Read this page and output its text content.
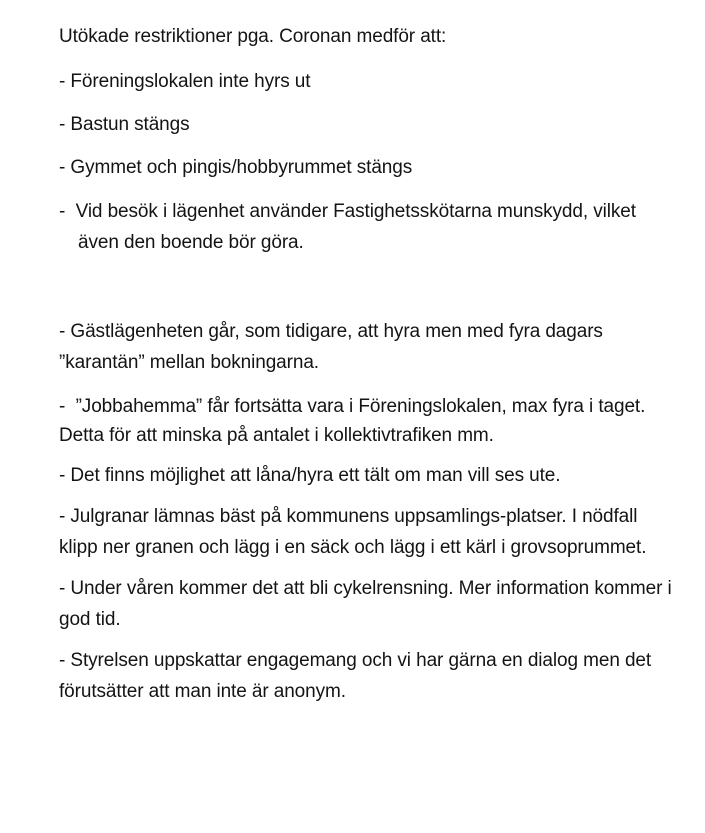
Utökade restriktioner pga. Coronan medför att:

- Föreningslokalen inte hyrs ut

- Bastun stängs

- Gymmet och pingis/hobbyrummet stängs

-  Vid besök i lägenhet använder Fastighetsskötarna munskydd, vilket även den boende bör göra.

- Gästlägenheten går, som tidigare, att hyra men med fyra dagars ”karantän” mellan bokningarna.

-  ”Jobbahemma” får fortsätta vara i Föreningslokalen, max fyra i taget. Detta för att minska på antalet i kollektivtrafiken mm.

- Det finns möjlighet att låna/hyra ett tält om man vill ses ute.

- Julgranar lämnas bäst på kommunens uppsamlings-platser. I nödfall klipp ner granen och lägg i en säck och lägg i ett kärl i grovsoprummet.

- Under våren kommer det att bli cykelrensning. Mer information kommer i god tid.

- Styrelsen uppskattar engagemang och vi har gärna en dialog men det förutsätter att man inte är anonym.
